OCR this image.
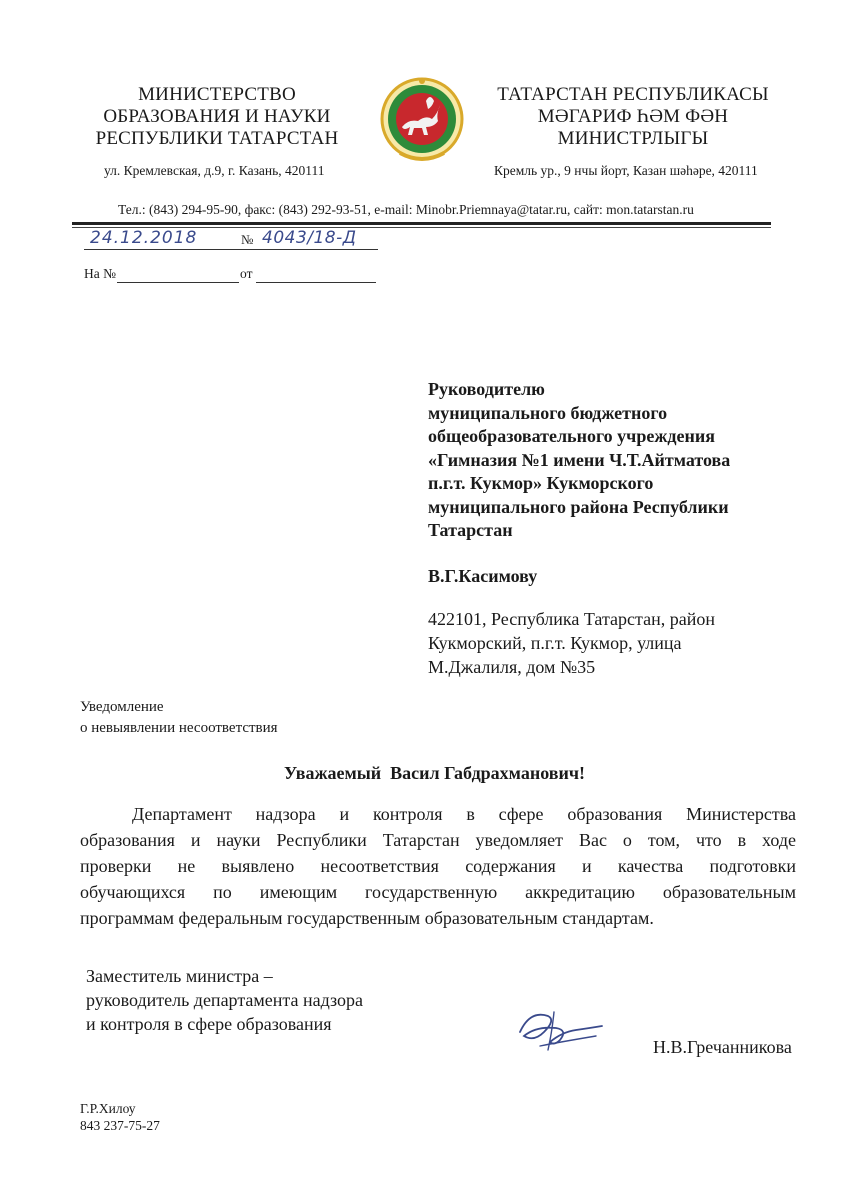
МИНИСТЕРСТВО
ОБРАЗОВАНИЯ И НАУКИ
РЕСПУБЛИКИ ТАТАРСТАН
ТАТАРСТАН РЕСПУБЛИКАСЫ
МӘГАРИФ ҺӘМ ФӘН
МИНИСТРЛЫГЫ
ул. Кремлевская, д.9, г. Казань, 420111	Кремль ур., 9 нчы йорт, Казан шәһәре, 420111
Тел.: (843) 294-95-90, факс: (843) 292-93-51, e-mail: Minobr.Priemnaya@tatar.ru, сайт: mon.tatarstan.ru
24.12.2018	№ 4043/18-Д
На №	от
Руководителю
муниципального бюджетного
общеобразовательного учреждения
«Гимназия №1 имени Ч.Т.Айтматова
п.г.т. Кукмор» Кукморского
муниципального района Республики
Татарстан
В.Г.Касимову
422101, Республика Татарстан, район
Кукморский, п.г.т. Кукмор, улица
М.Джалиля, дом №35
Уведомление
о невыявлении несоответствия
Уважаемый  Васил Габдрахманович!
Департамент надзора и контроля в сфере образования Министерства
образования и науки Республики Татарстан уведомляет Вас о том, что в ходе
проверки не выявлено несоответствия содержания и качества подготовки
обучающихся по имеющим государственную аккредитацию образовательным
программам федеральным государственным образовательным стандартам.
Заместитель министра –
руководитель департамента надзора
и контроля в сфере образования
Н.В.Гречанникова
Г.Р.Хилоу
843 237-75-27
